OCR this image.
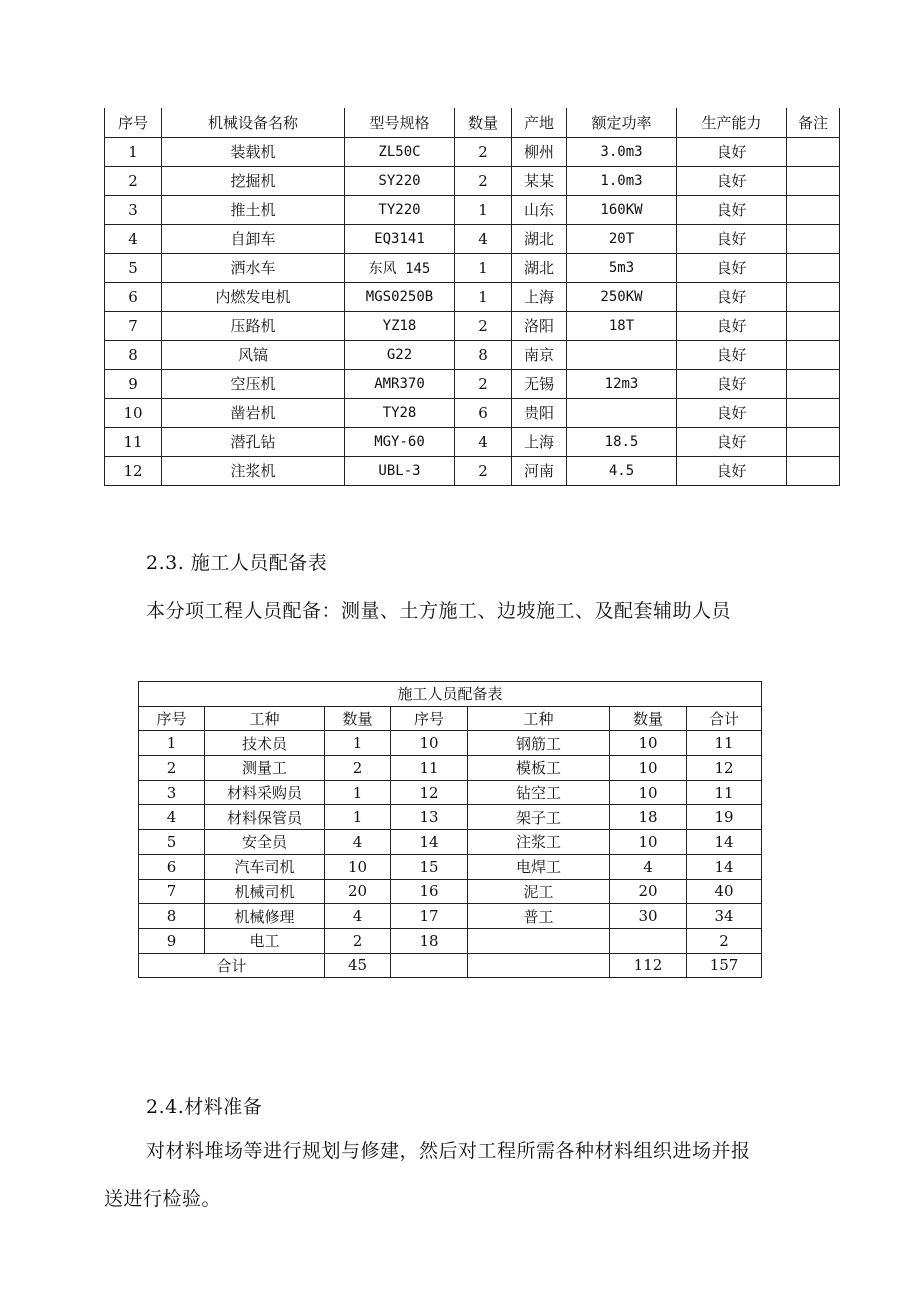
序号	机械设备名称	型号规格	数量	产地	额定功率	生产能力	备注
1	装载机	ZL50C	2	柳州	3.0m3	良好	
2	挖掘机	SY220	2	某某	1.0m3	良好	
3	推土机	TY220	1	山东	160KW	良好	
4	自卸车	EQ3141	4	湖北	20T	良好	
5	洒水车	东风 145	1	湖北	5m3	良好	
6	内燃发电机	MGS0250B	1	上海	250KW	良好	
7	压路机	YZ18	2	洛阳	18T	良好	
8	风镐	G22	8	南京		良好	
9	空压机	AMR370	2	无锡	12m3	良好	
10	凿岩机	TY28	6	贵阳		良好	
11	潜孔钻	MGY-60	4	上海	18.5	良好	
12	注浆机	UBL-3	2	河南	4.5	良好	
2.3. 施工人员配备表
本分项工程人员配备：测量、土方施工、边坡施工、及配套辅助人员
施工人员配备表						
序号	工种	数量	序号	工种	数量	合计
1	技术员	1	10	钢筋工	10	11
2	测量工	2	11	模板工	10	12
3	材料采购员	1	12	钻空工	10	11
4	材料保管员	1	13	架子工	18	19
5	安全员	4	14	注浆工	10	14
6	汽车司机	10	15	电焊工	4	14
7	机械司机	20	16	泥工	20	40
8	机械修理	4	17	普工	30	34
9	电工	2	18			2
合计		45			112	157
2.4.材料准备
对材料堆场等进行规划与修建，然后对工程所需各种材料组织进场并报
送进行检验。
